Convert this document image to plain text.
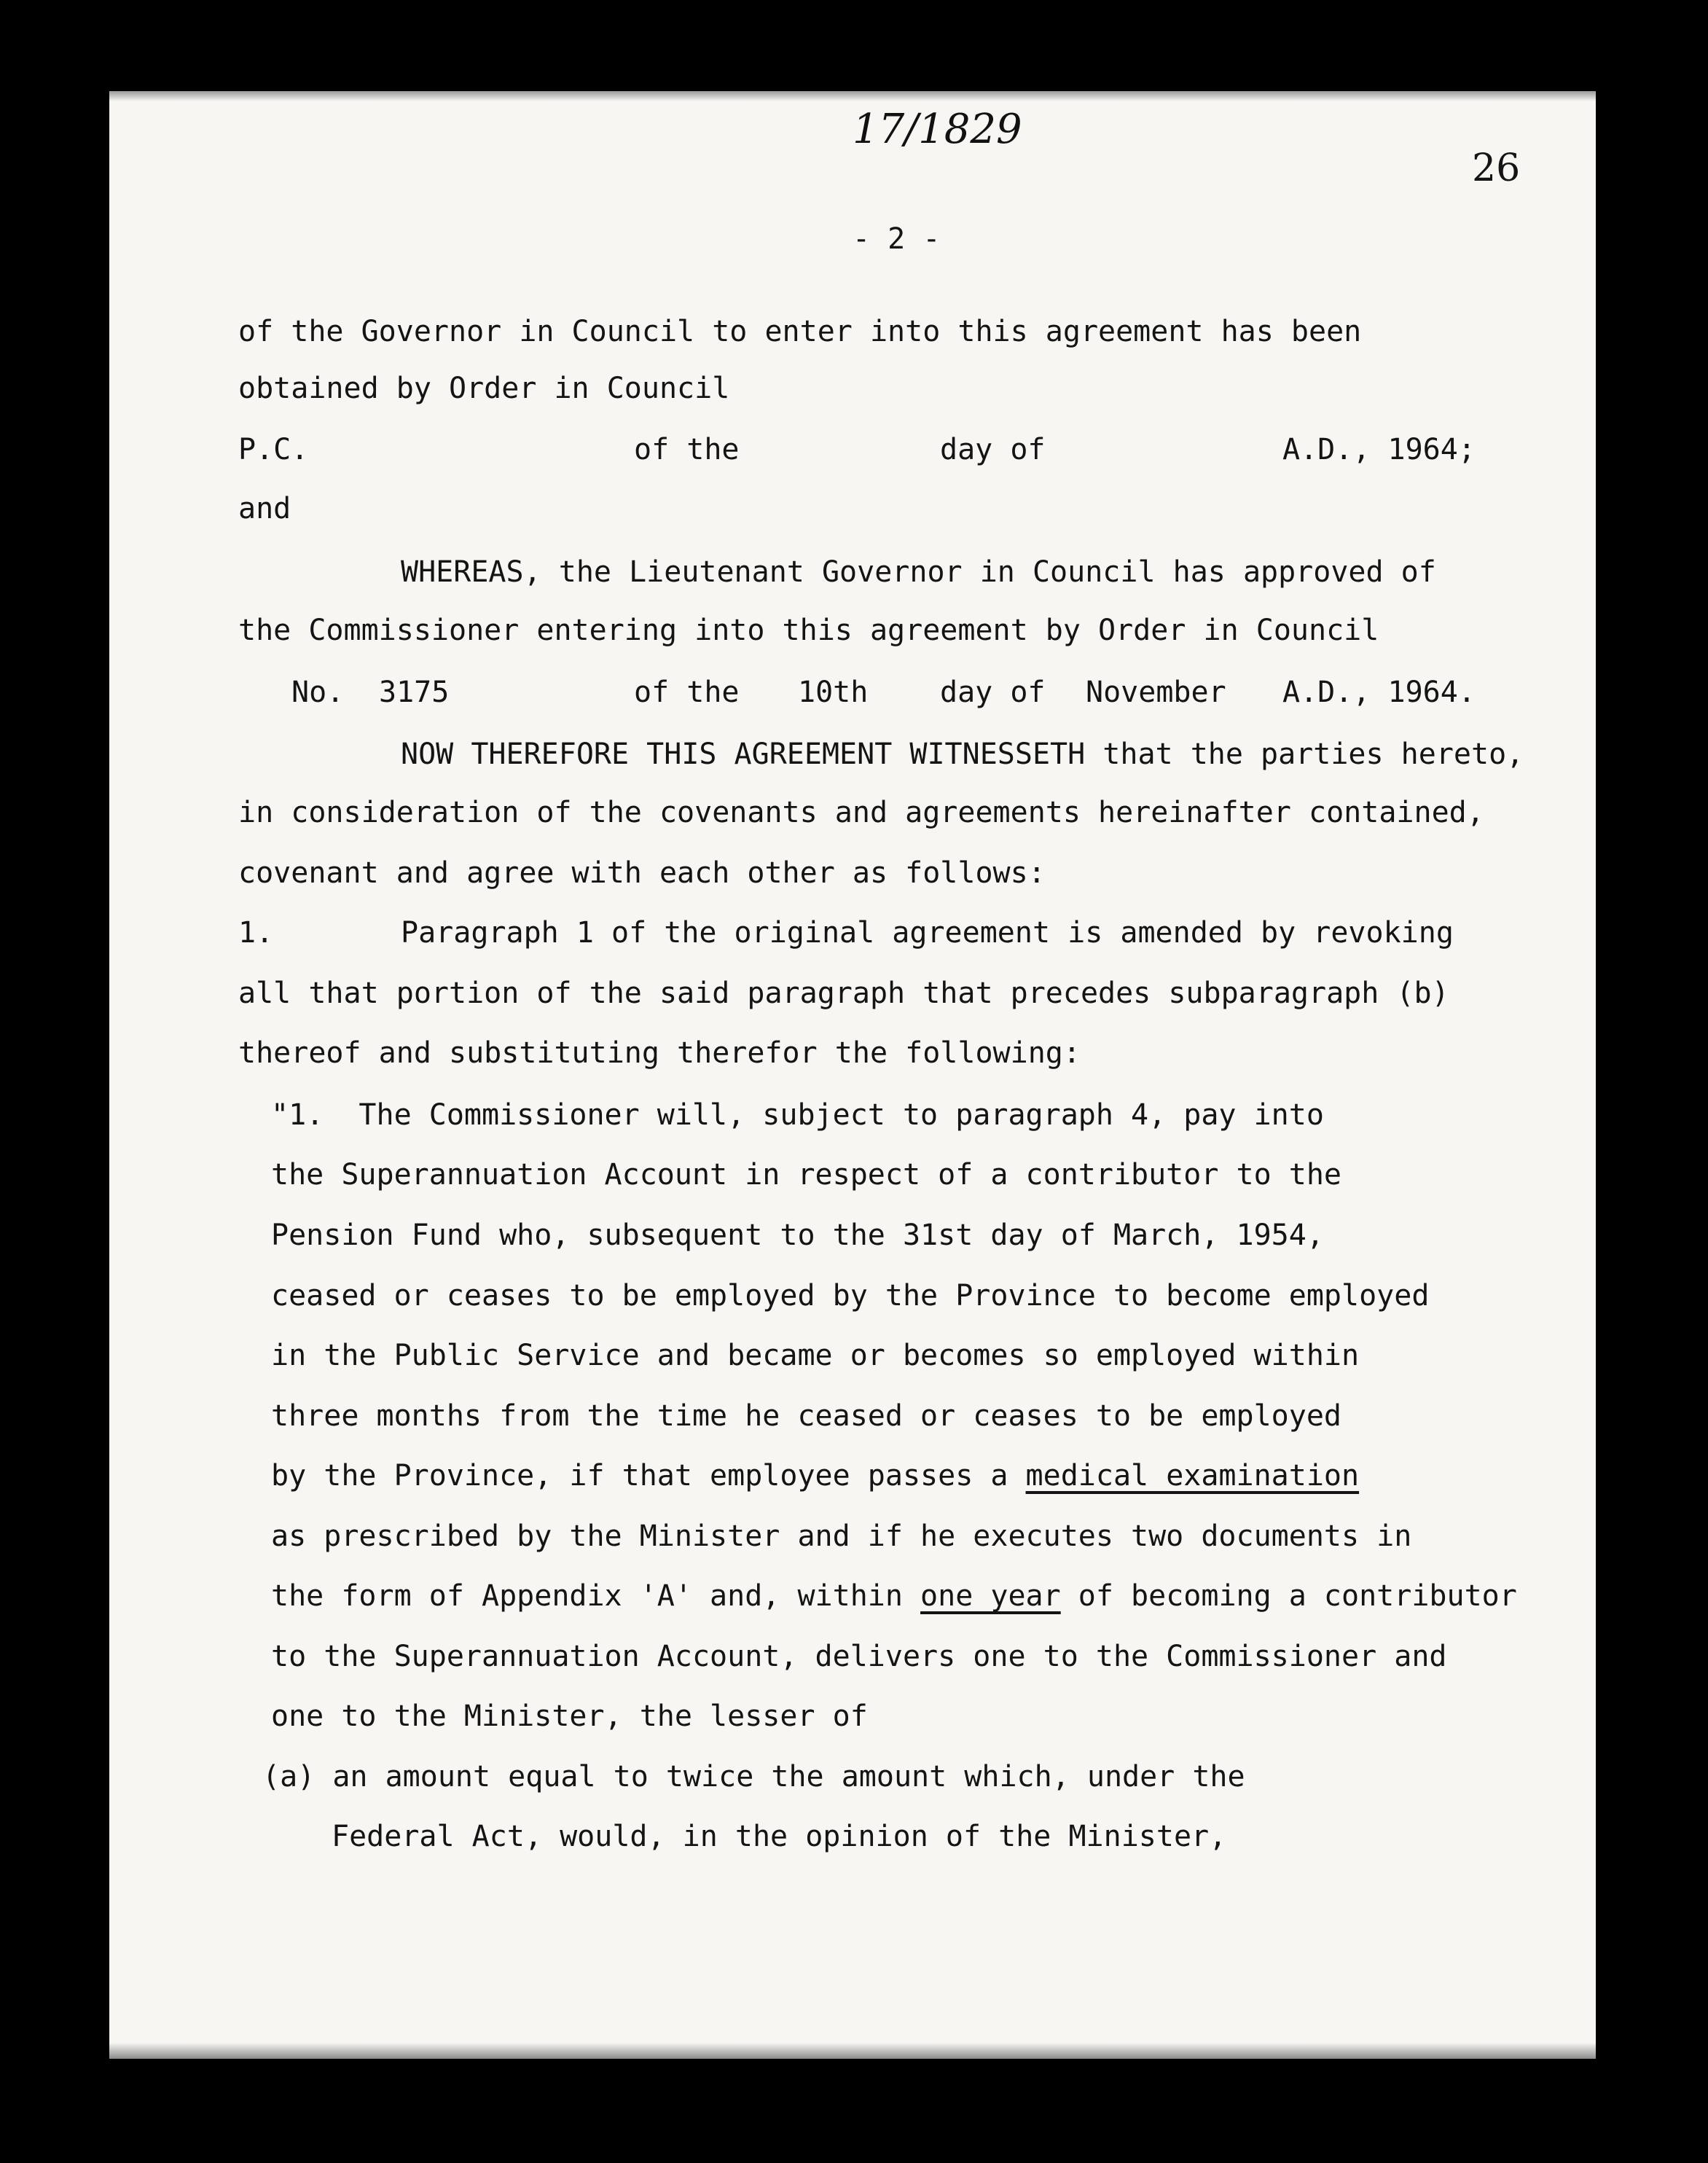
17/1829
26
- 2 -
of the Governor in Council to enter into this agreement has been
obtained by Order in Council
P.C.	of the	day of	A.D., 1964;
and
WHEREAS, the Lieutenant Governor in Council has approved of
the Commissioner entering into this agreement by Order in Council
No. 3175	of the 10th day of November A.D., 1964.
NOW THEREFORE THIS AGREEMENT WITNESSETH that the parties hereto,
in consideration of the covenants and agreements hereinafter contained,
covenant and agree with each other as follows:
1.	Paragraph 1 of the original agreement is amended by revoking
all that portion of the said paragraph that precedes subparagraph (b)
thereof and substituting therefor the following:
"1.  The Commissioner will, subject to paragraph 4, pay into
the Superannuation Account in respect of a contributor to the
Pension Fund who, subsequent to the 31st day of March, 1954,
ceased or ceases to be employed by the Province to become employed
in the Public Service and became or becomes so employed within
three months from the time he ceased or ceases to be employed
by the Province, if that employee passes a medical examination
as prescribed by the Minister and if he executes two documents in
the form of Appendix 'A' and, within one year of becoming a contributor
to the Superannuation Account, delivers one to the Commissioner and
one to the Minister, the lesser of
(a) an amount equal to twice the amount which, under the
Federal Act, would, in the opinion of the Minister,
